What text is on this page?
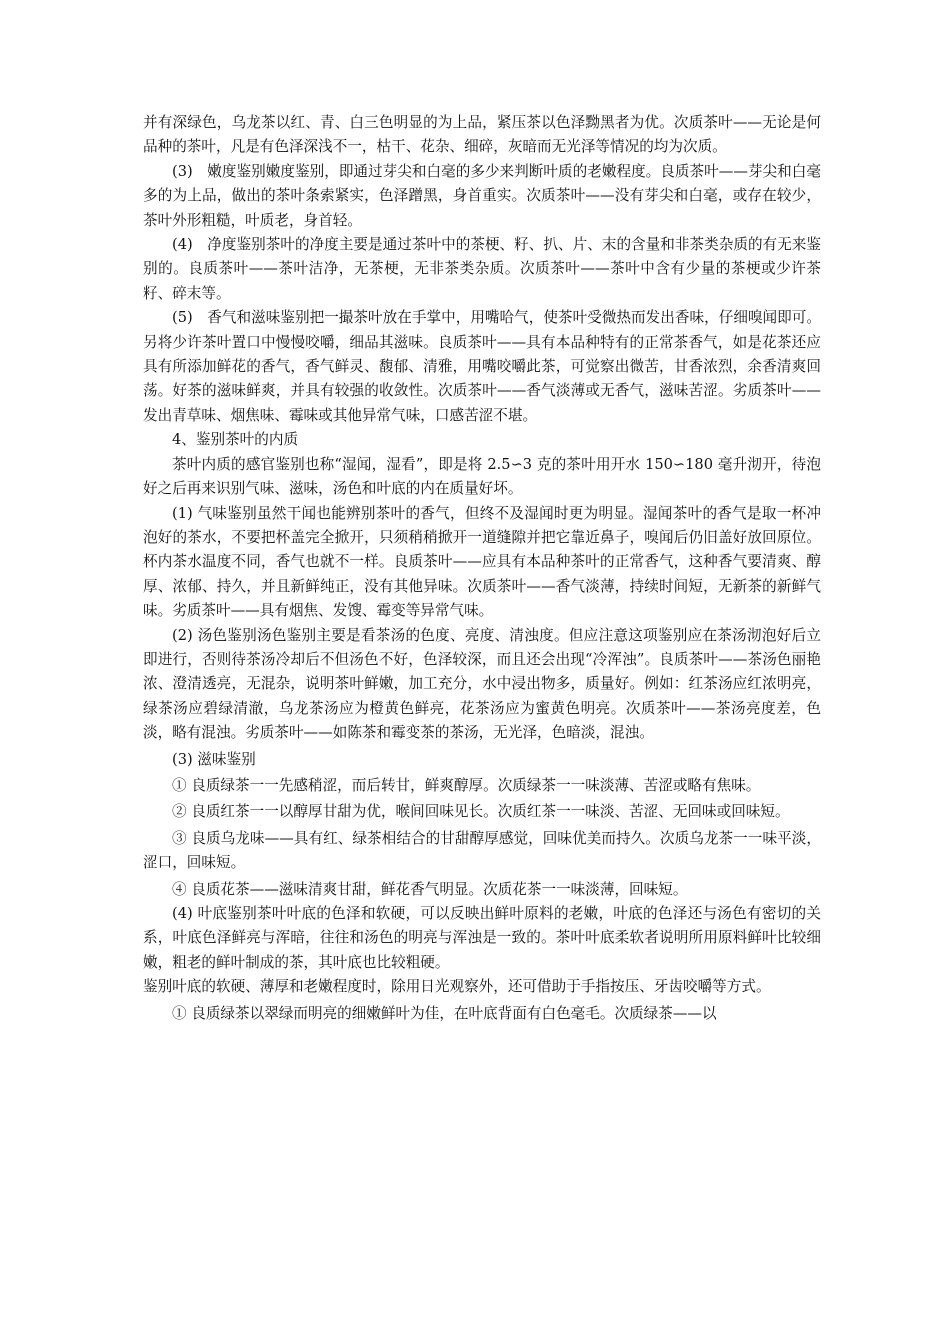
并有深绿色，乌龙茶以红、青、白三色明显的为上品，紧压茶以色泽黝黑者为优。次质茶叶——无论是何品种的茶叶，凡是有色泽深浅不一，枯干、花杂、细碎，灰暗而无光泽等情况的均为次质。

(3)　嫩度鉴别嫩度鉴别，即通过芽尖和白毫的多少来判断叶质的老嫩程度。良质茶叶——芽尖和白毫多的为上品，做出的茶叶条索紧实，色泽蹭黑，身首重实。次质茶叶——没有芽尖和白毫，或存在较少，茶叶外形粗糙，叶质老，身首轻。

(4)　净度鉴别茶叶的净度主要是通过茶叶中的茶梗、籽、扒、片、末的含量和非茶类杂质的有无来鉴别的。良质茶叶——茶叶洁净，无茶梗，无非茶类杂质。次质茶叶——茶叶中含有少量的茶梗或少许茶籽、碎末等。

(5)　香气和滋味鉴别把一撮茶叶放在手掌中，用嘴哈气，使茶叶受微热而发出香味，仔细嗅闻即可。另将少许茶叶置口中慢慢咬嚼，细品其滋味。良质茶叶——具有本品种特有的正常茶香气，如是花茶还应具有所添加鲜花的香气，香气鲜灵、馥郁、清雅，用嘴咬嚼此茶，可觉察出微苦，甘香浓烈，余香清爽回荡。好茶的滋味鲜爽，并具有较强的收敛性。次质茶叶——香气淡薄或无香气，滋味苦涩。劣质茶叶——发出青草味、烟焦味、霉味或其他异常气味，口感苦涩不堪。

4、鉴别茶叶的内质

茶叶内质的感官鉴别也称“湿闻，湿看”，即是将 2.5∽3 克的茶叶用开水 150∽180 毫升沏开，待泡好之后再来识别气味、滋味，汤色和叶底的内在质量好坏。

(1) 气味鉴别虽然干闻也能辨别茶叶的香气，但终不及湿闻时更为明显。湿闻茶叶的香气是取一杯冲泡好的茶水，不要把杯盖完全掀开，只须稍稍掀开一道缝隙并把它靠近鼻子，嗅闻后仍旧盖好放回原位。杯内茶水温度不同，香气也就不一样。良质茶叶——应具有本品种茶叶的正常香气，这种香气要清爽、醇厚、浓郁、持久，并且新鲜纯正，没有其他异味。次质茶叶——香气淡薄，持续时间短，无新茶的新鲜气味。劣质茶叶——具有烟焦、发馊、霉变等异常气味。

(2) 汤色鉴别汤色鉴别主要是看茶汤的色度、亮度、清浊度。但应注意这项鉴别应在茶汤沏泡好后立即进行，否则待茶汤冷却后不但汤色不好，色泽较深，而且还会出现“冷浑浊”。良质茶叶——茶汤色丽艳浓、澄清透亮，无混杂，说明茶叶鲜嫩，加工充分，水中浸出物多，质量好。例如：红茶汤应红浓明亮，绿茶汤应碧绿清澈，乌龙茶汤应为橙黄色鲜亮，花茶汤应为蜜黄色明亮。次质茶叶——茶汤亮度差，色淡，略有混浊。劣质茶叶——如陈茶和霉变茶的茶汤，无光泽，色暗淡，混浊。

(3) 滋味鉴别

① 良质绿茶一一先感稍涩，而后转甘，鲜爽醇厚。次质绿茶一一味淡薄、苦涩或略有焦味。

② 良质红茶一一以醇厚甘甜为优，喉间回味见长。次质红茶一一味淡、苦涩、无回味或回味短。

③ 良质乌龙味——具有红、绿茶相结合的甘甜醇厚感觉，回味优美而持久。次质乌龙茶一一味平淡，涩口，回味短。

④ 良质花茶——滋味清爽甘甜，鲜花香气明显。次质花茶一一味淡薄，回味短。

(4) 叶底鉴别茶叶叶底的色泽和软硬，可以反映出鲜叶原料的老嫩，叶底的色泽还与汤色有密切的关系，叶底色泽鲜亮与浑暗，往往和汤色的明亮与浑浊是一致的。茶叶叶底柔软者说明所用原料鲜叶比较细嫩，粗老的鲜叶制成的茶，其叶底也比较粗硬。

鉴别叶底的软硬、薄厚和老嫩程度时，除用日光观察外，还可借助于手指按压、牙齿咬嚼等方式。

① 良质绿茶以翠绿而明亮的细嫩鲜叶为佳，在叶底背面有白色毫毛。次质绿茶——以
